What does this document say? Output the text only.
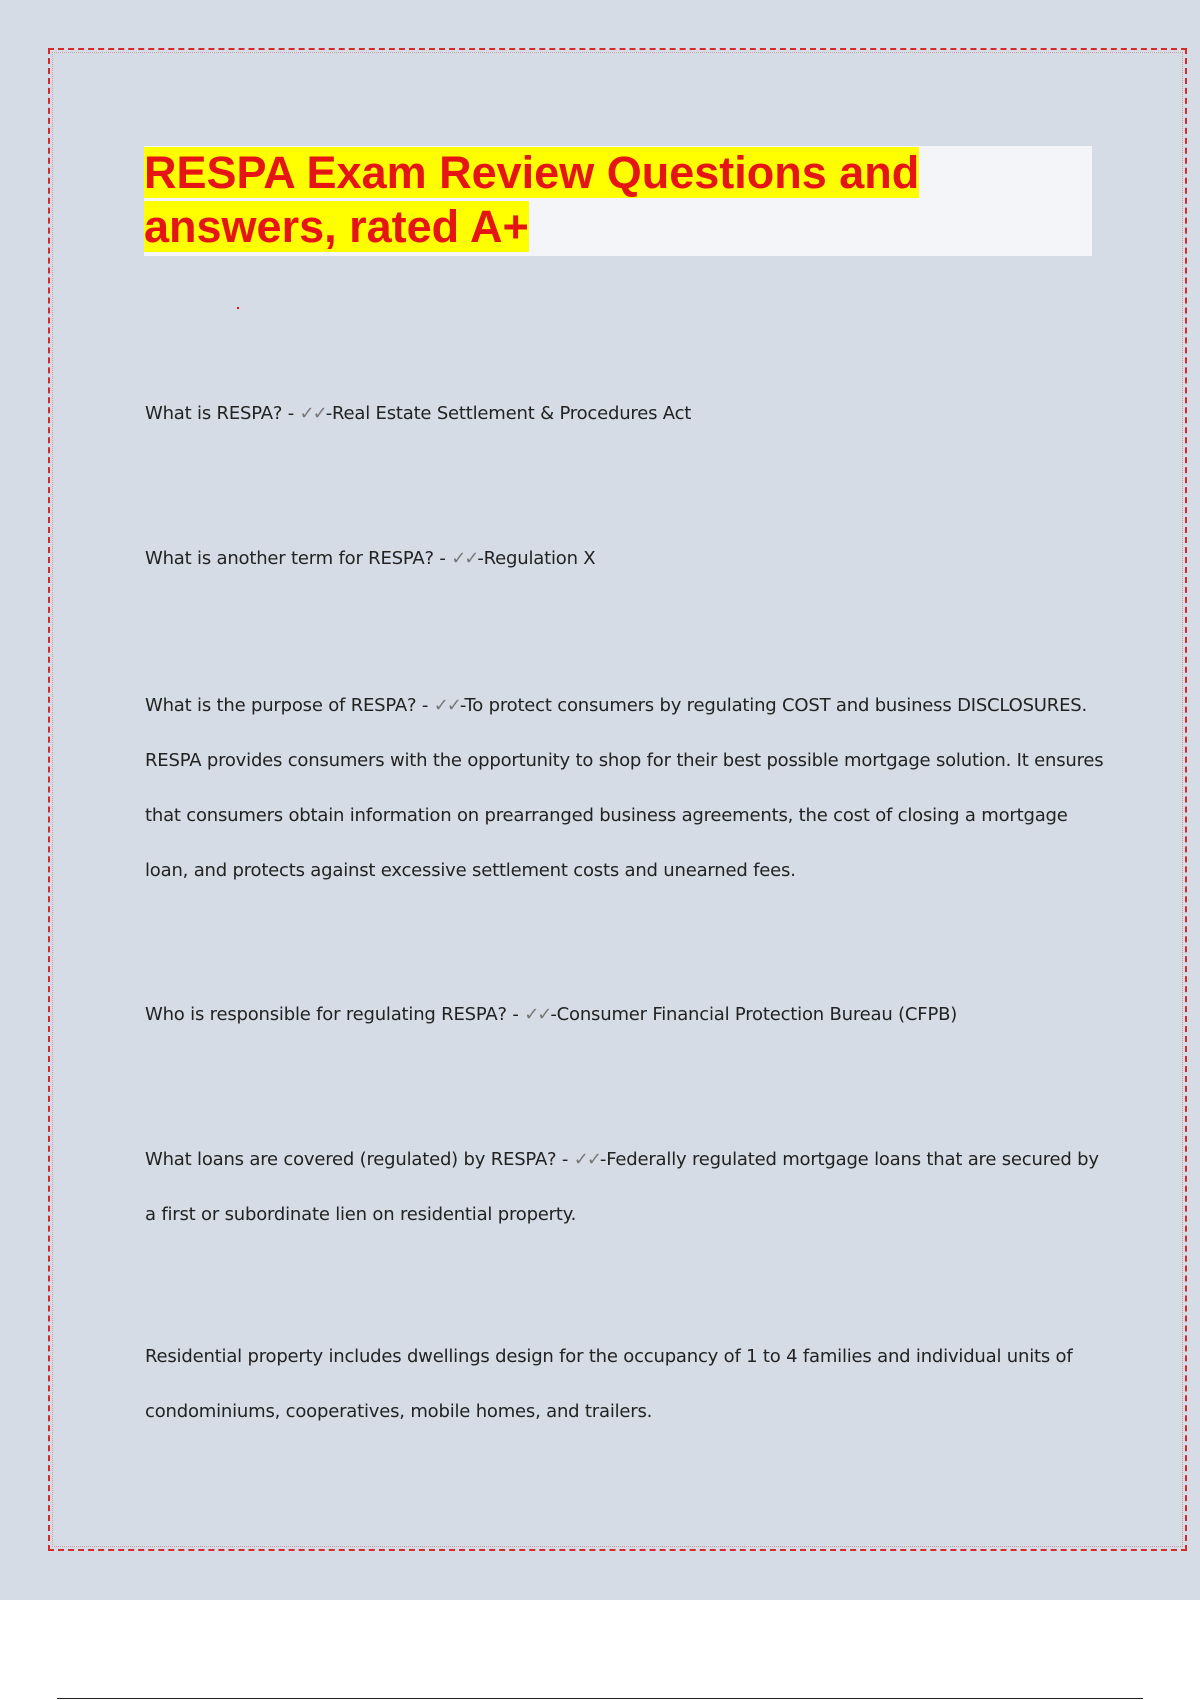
RESPA Exam Review Questions and answers, rated A+

What is RESPA? - ✓✓-Real Estate Settlement & Procedures Act

What is another term for RESPA? - ✓✓-Regulation X

What is the purpose of RESPA? - ✓✓-To protect consumers by regulating COST and business DISCLOSURES. RESPA provides consumers with the opportunity to shop for their best possible mortgage solution. It ensures that consumers obtain information on prearranged business agreements, the cost of closing a mortgage loan, and protects against excessive settlement costs and unearned fees.

Who is responsible for regulating RESPA? - ✓✓-Consumer Financial Protection Bureau (CFPB)

What loans are covered (regulated) by RESPA? - ✓✓-Federally regulated mortgage loans that are secured by a first or subordinate lien on residential property.

Residential property includes dwellings design for the occupancy of 1 to 4 families and individual units of condominiums, cooperatives, mobile homes, and trailers.
